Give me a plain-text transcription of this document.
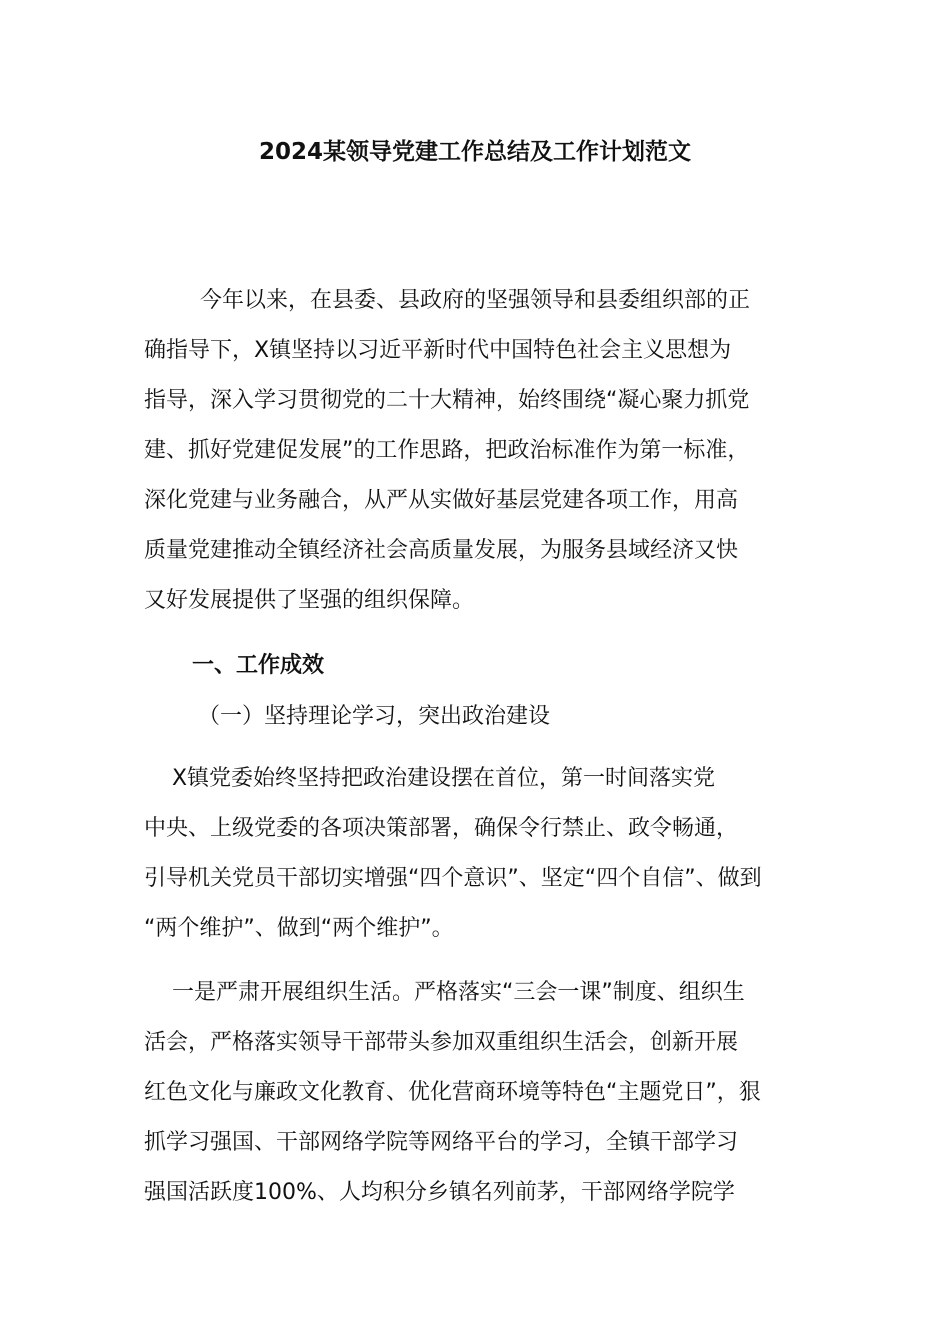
2024某领导党建工作总结及工作计划范文
今年以来，在县委、县政府的坚强领导和县委组织部的正
确指导下，X镇坚持以习近平新时代中国特色社会主义思想为
指导，深入学习贯彻党的二十大精神，始终围绕“凝心聚力抓党
建、抓好党建促发展”的工作思路，把政治标准作为第一标准，
深化党建与业务融合，从严从实做好基层党建各项工作，用高
质量党建推动全镇经济社会高质量发展，为服务县域经济又快
又好发展提供了坚强的组织保障。
一、工作成效
（一）坚持理论学习，突出政治建设
X镇党委始终坚持把政治建设摆在首位，第一时间落实党
中央、上级党委的各项决策部署，确保令行禁止、政令畅通，
引导机关党员干部切实增强“四个意识”、坚定“四个自信”、做到
“两个维护”、做到“两个维护”。
一是严肃开展组织生活。严格落实“三会一课”制度、组织生
活会，严格落实领导干部带头参加双重组织生活会，创新开展
红色文化与廉政文化教育、优化营商环境等特色“主题党日”，狠
抓学习强国、干部网络学院等网络平台的学习，全镇干部学习
强国活跃度100%、人均积分乡镇名列前茅，干部网络学院学
